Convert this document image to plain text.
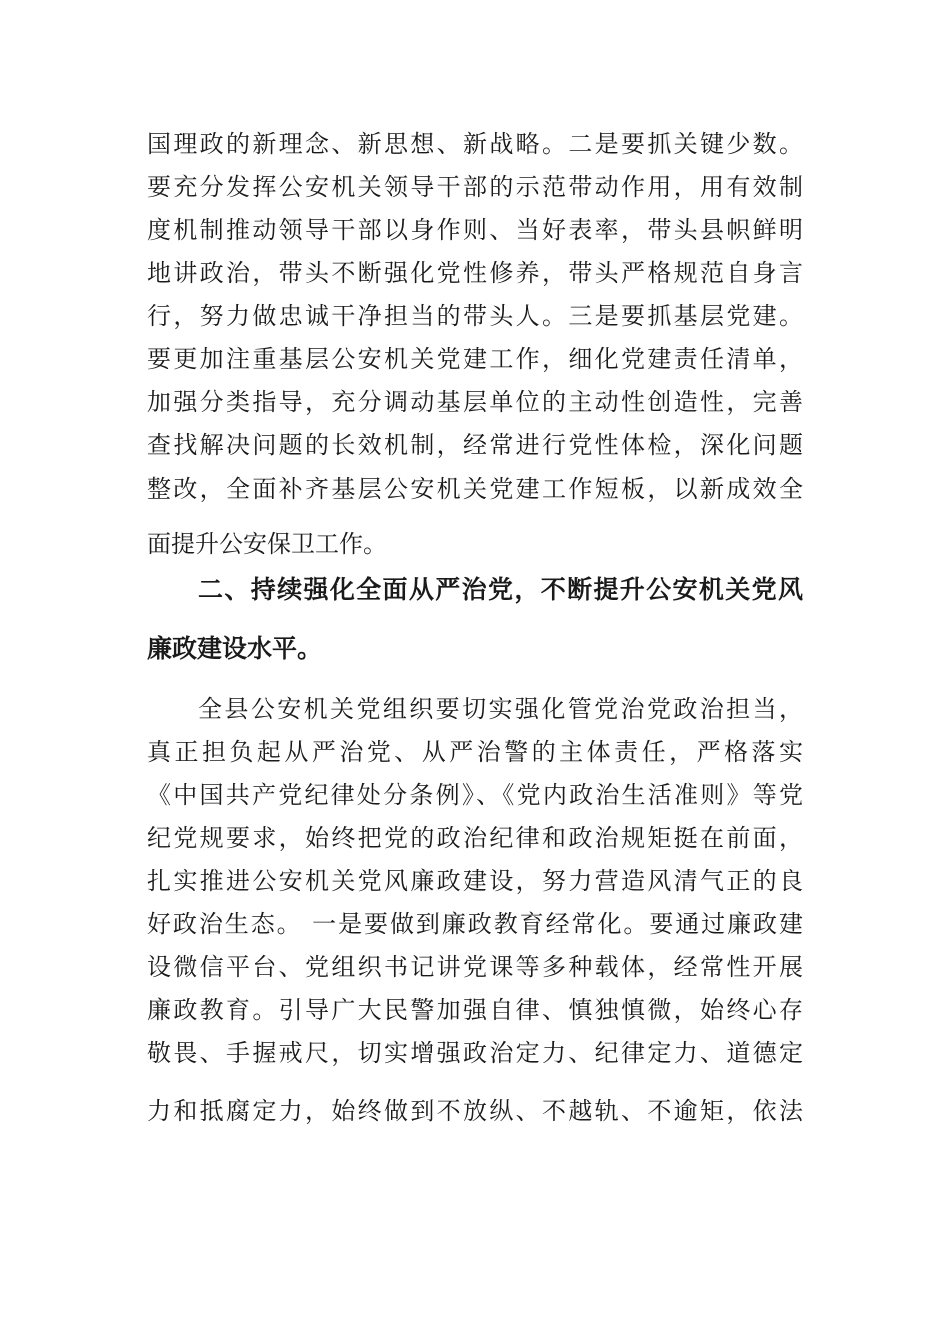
国理政的新理念、新思想、新战略。二是要抓关键少数。
要充分发挥公安机关领导干部的示范带动作用，用有效制
度机制推动领导干部以身作则、当好表率，带头县帜鲜明
地讲政治，带头不断强化党性修养，带头严格规范自身言
行，努力做忠诚干净担当的带头人。三是要抓基层党建。
要更加注重基层公安机关党建工作，细化党建责任清单，
加强分类指导，充分调动基层单位的主动性创造性，完善
查找解决问题的长效机制，经常进行党性体检，深化问题
整改，全面补齐基层公安机关党建工作短板，以新成效全
面提升公安保卫工作。
二、持续强化全面从严治党，不断提升公安机关党风
廉政建设水平。
全县公安机关党组织要切实强化管党治党政治担当，
真正担负起从严治党、从严治警的主体责任，严格落实
《中国共产党纪律处分条例》、《党内政治生活准则》等党
纪党规要求，始终把党的政治纪律和政治规矩挺在前面，
扎实推进公安机关党风廉政建设，努力营造风清气正的良
好政治生态。 一是要做到廉政教育经常化。要通过廉政建
设微信平台、党组织书记讲党课等多种载体，经常性开展
廉政教育。引导广大民警加强自律、慎独慎微，始终心存
敬畏、手握戒尺，切实增强政治定力、纪律定力、道德定
力和抵腐定力，始终做到不放纵、不越轨、不逾矩，依法
